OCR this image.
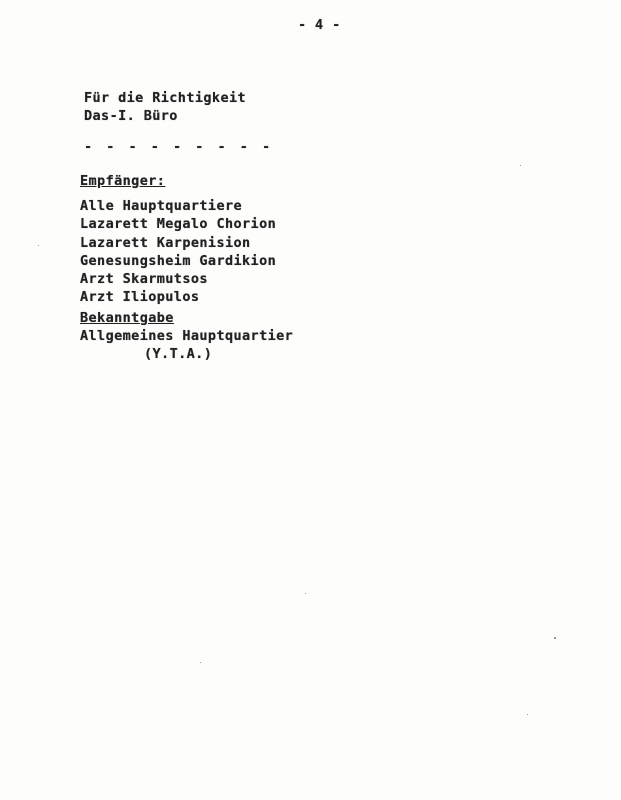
- 4 -
Für die Richtigkeit
Das-I. Büro
- - - - - - - - -
Empfänger:
Alle Hauptquartiere
Lazarett Megalo Chorion
Lazarett Karpenision
Genesungsheim Gardikion
Arzt Skarmutsos
Arzt Iliopulos
Bekanntgabe
Allgemeines Hauptquartier
(Y.T.A.)
